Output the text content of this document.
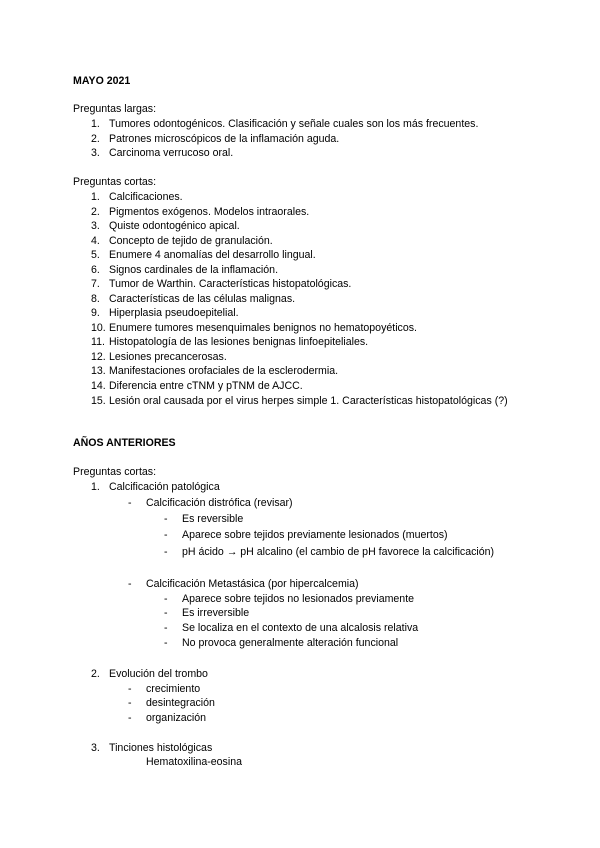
MAYO 2021
Preguntas largas:
1. Tumores odontogénicos. Clasificación y señale cuales son los más frecuentes.
2. Patrones microscópicos de la inflamación aguda.
3. Carcinoma verrucoso oral.
Preguntas cortas:
1. Calcificaciones.
2. Pigmentos exógenos. Modelos intraorales.
3. Quiste odontogénico apical.
4. Concepto de tejido de granulación.
5. Enumere 4 anomalías del desarrollo lingual.
6. Signos cardinales de la inflamación.
7. Tumor de Warthin. Características histopatológicas.
8. Características de las células malignas.
9. Hiperplasia pseudoepitelial.
10. Enumere tumores mesenquimales benignos no hematopoyéticos.
11. Histopatología de las lesiones benignas linfoepiteliales.
12. Lesiones precancerosas.
13. Manifestaciones orofaciales de la esclerodermia.
14. Diferencia entre cTNM y pTNM de AJCC.
15. Lesión oral causada por el virus herpes simple 1. Características histopatológicas (?)
AÑOS ANTERIORES
Preguntas cortas:
1. Calcificación patológica
- Calcificación distrófica (revisar)
- Es reversible
- Aparece sobre tejidos previamente lesionados (muertos)
- pH ácido → pH alcalino (el cambio de pH favorece la calcificación)
- Calcificación Metastásica (por hipercalcemia)
- Aparece sobre tejidos no lesionados previamente
- Es irreversible
- Se localiza en el contexto de una alcalosis relativa
- No provoca generalmente alteración funcional
2. Evolución del trombo
- crecimiento
- desintegración
- organización
3. Tinciones histológicas
Hematoxilina-eosina
